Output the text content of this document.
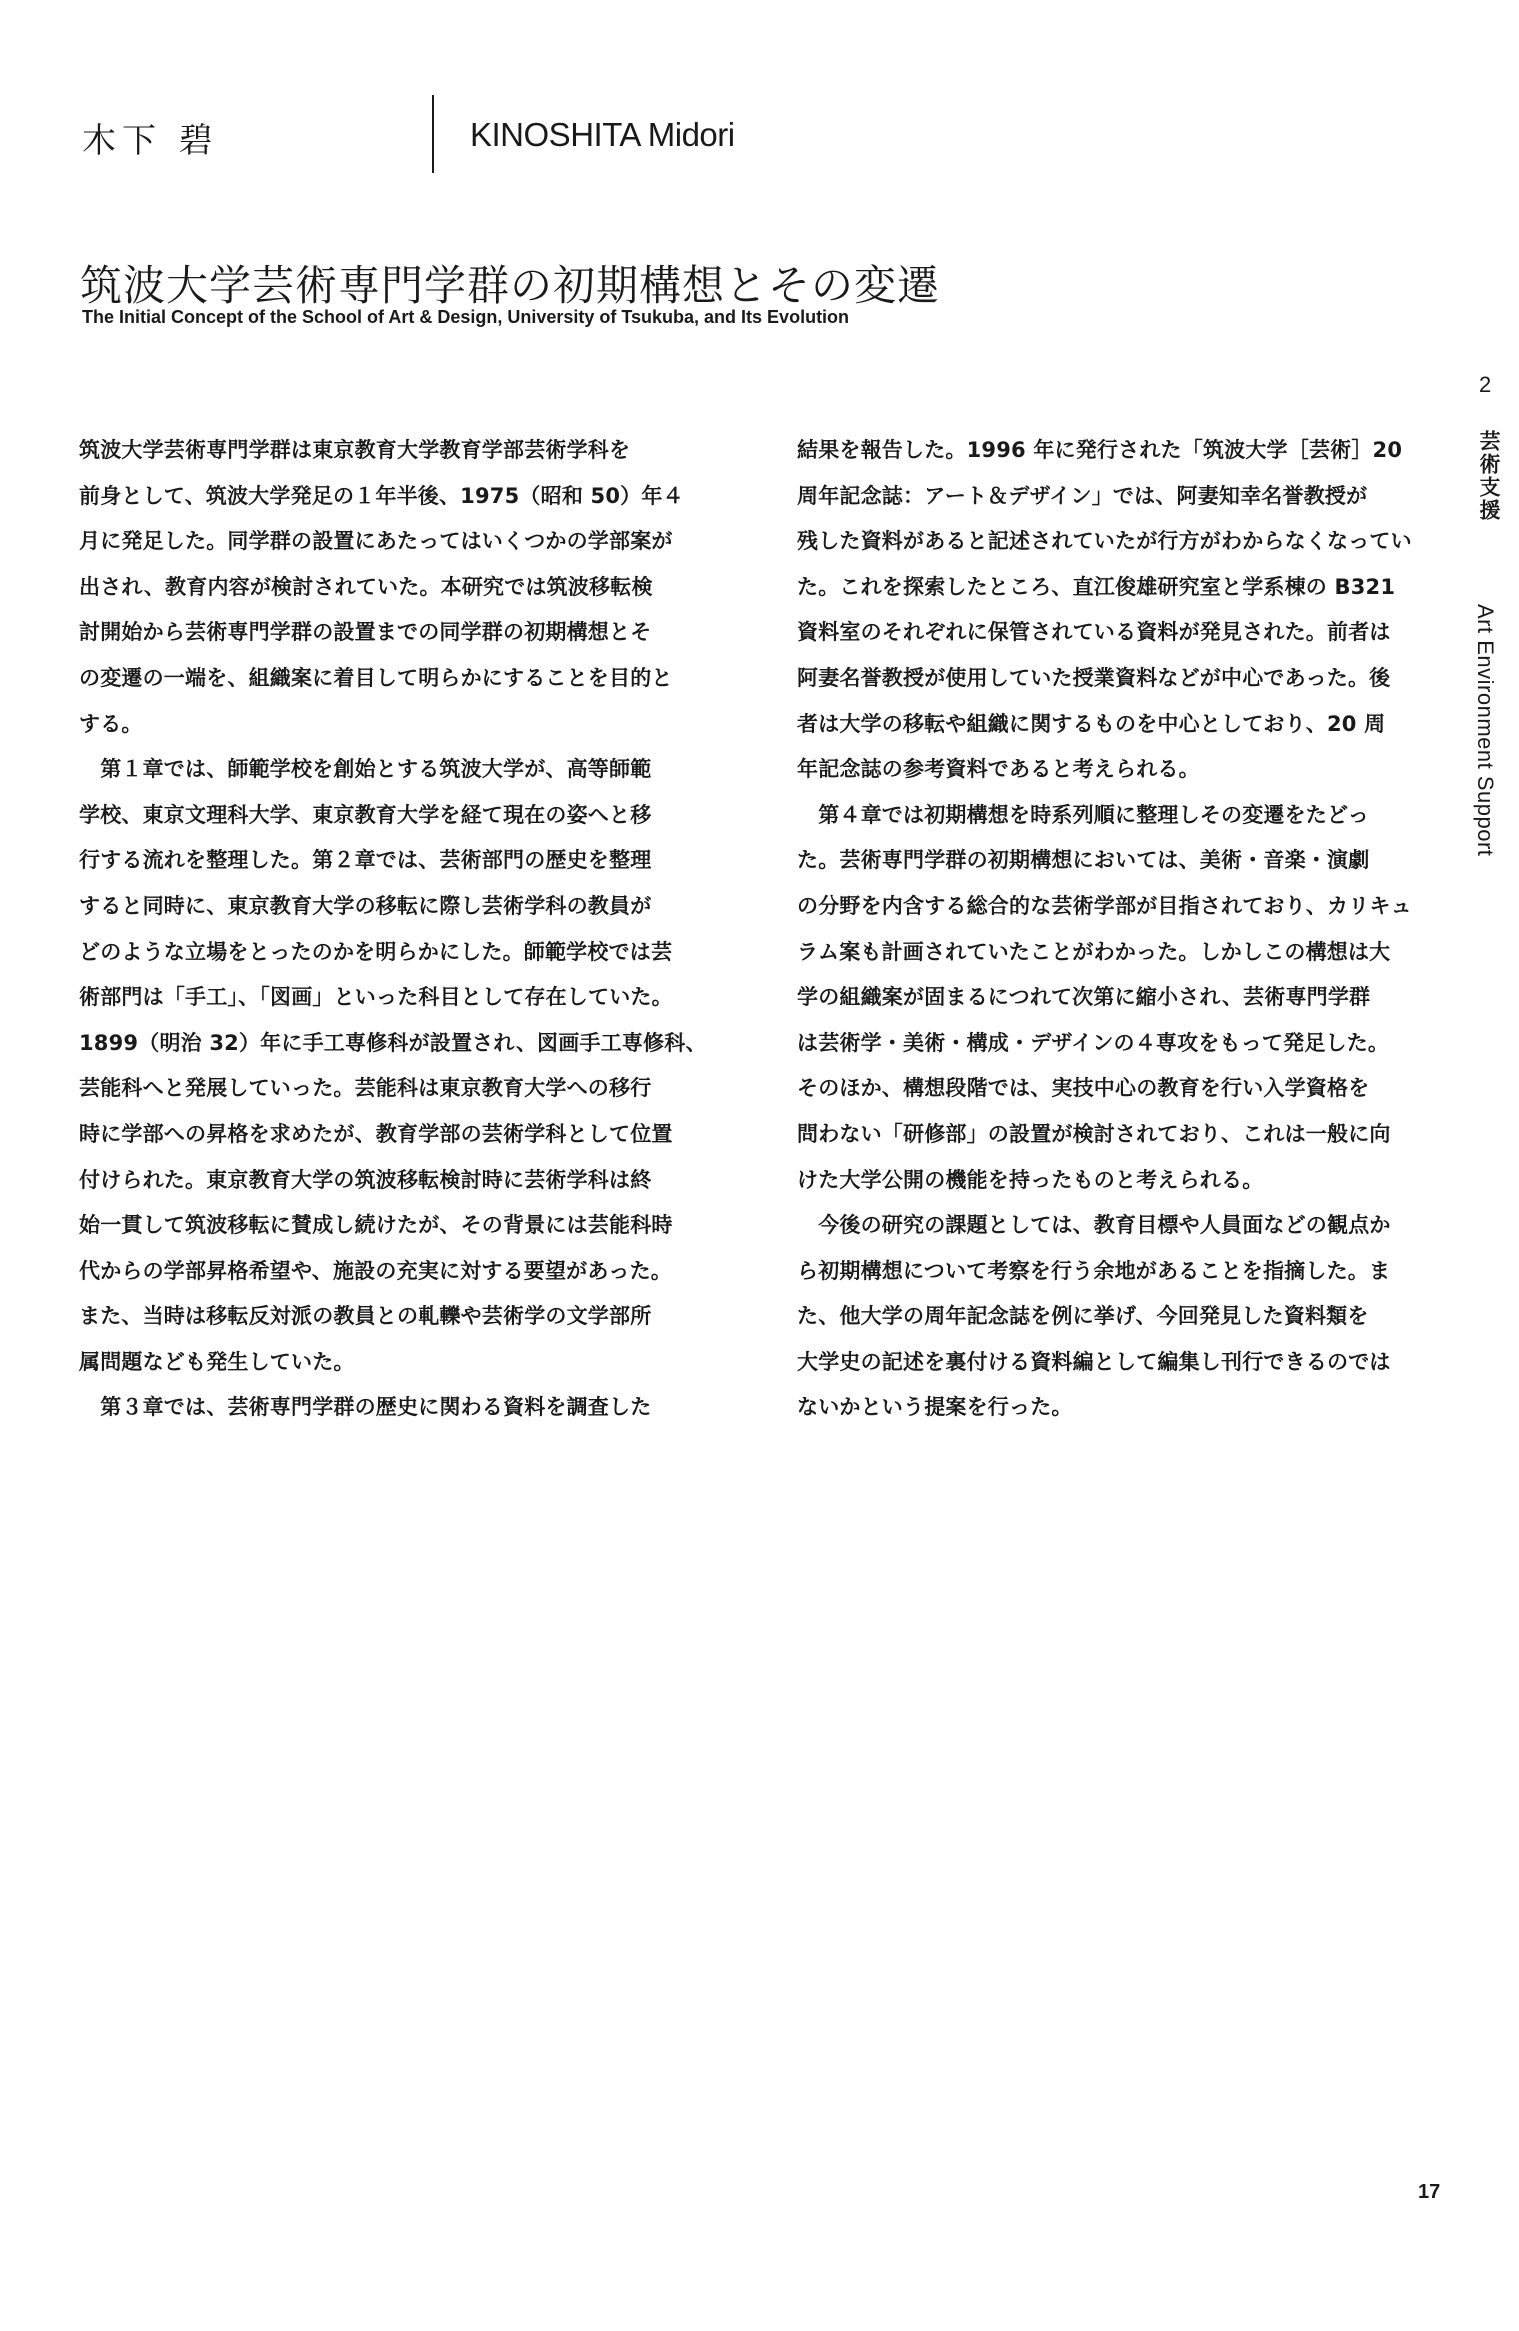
木下 碧	KINOSHITA Midori
筑波大学芸術専門学群の初期構想とその変遷
The Initial Concept of the School of Art & Design, University of Tsukuba, and Its Evolution
2
芸術支援
Art Environment Support
筑波大学芸術専門学群は東京教育大学教育学部芸術学科を
前身として、筑波大学発足の１年半後、1975（昭和 50）年４
月に発足した。同学群の設置にあたってはいくつかの学部案が
出され、教育内容が検討されていた。本研究では筑波移転検
討開始から芸術専門学群の設置までの同学群の初期構想とそ
の変遷の一端を、組織案に着目して明らかにすることを目的と
する。
　第１章では、師範学校を創始とする筑波大学が、高等師範
学校、東京文理科大学、東京教育大学を経て現在の姿へと移
行する流れを整理した。第２章では、芸術部門の歴史を整理
すると同時に、東京教育大学の移転に際し芸術学科の教員が
どのような立場をとったのかを明らかにした。師範学校では芸
術部門は「手工」、「図画」といった科目として存在していた。
1899（明治 32）年に手工専修科が設置され、図画手工専修科、
芸能科へと発展していった。芸能科は東京教育大学への移行
時に学部への昇格を求めたが、教育学部の芸術学科として位置
付けられた。東京教育大学の筑波移転検討時に芸術学科は終
始一貫して筑波移転に賛成し続けたが、その背景には芸能科時
代からの学部昇格希望や、施設の充実に対する要望があった。
また、当時は移転反対派の教員との軋轢や芸術学の文学部所
属問題なども発生していた。
　第３章では、芸術専門学群の歴史に関わる資料を調査した
結果を報告した。1996 年に発行された「筑波大学［芸術］20
周年記念誌：アート＆デザイン」では、阿妻知幸名誉教授が
残した資料があると記述されていたが行方がわからなくなってい
た。これを探索したところ、直江俊雄研究室と学系棟の B321
資料室のそれぞれに保管されている資料が発見された。前者は
阿妻名誉教授が使用していた授業資料などが中心であった。後
者は大学の移転や組織に関するものを中心としており、20 周
年記念誌の参考資料であると考えられる。
　第４章では初期構想を時系列順に整理しその変遷をたどっ
た。芸術専門学群の初期構想においては、美術・音楽・演劇
の分野を内含する総合的な芸術学部が目指されており、カリキュ
ラム案も計画されていたことがわかった。しかしこの構想は大
学の組織案が固まるにつれて次第に縮小され、芸術専門学群
は芸術学・美術・構成・デザインの４専攻をもって発足した。
そのほか、構想段階では、実技中心の教育を行い入学資格を
問わない「研修部」の設置が検討されており、これは一般に向
けた大学公開の機能を持ったものと考えられる。
　今後の研究の課題としては、教育目標や人員面などの観点か
ら初期構想について考察を行う余地があることを指摘した。ま
た、他大学の周年記念誌を例に挙げ、今回発見した資料類を
大学史の記述を裏付ける資料編として編集し刊行できるのでは
ないかという提案を行った。
17
